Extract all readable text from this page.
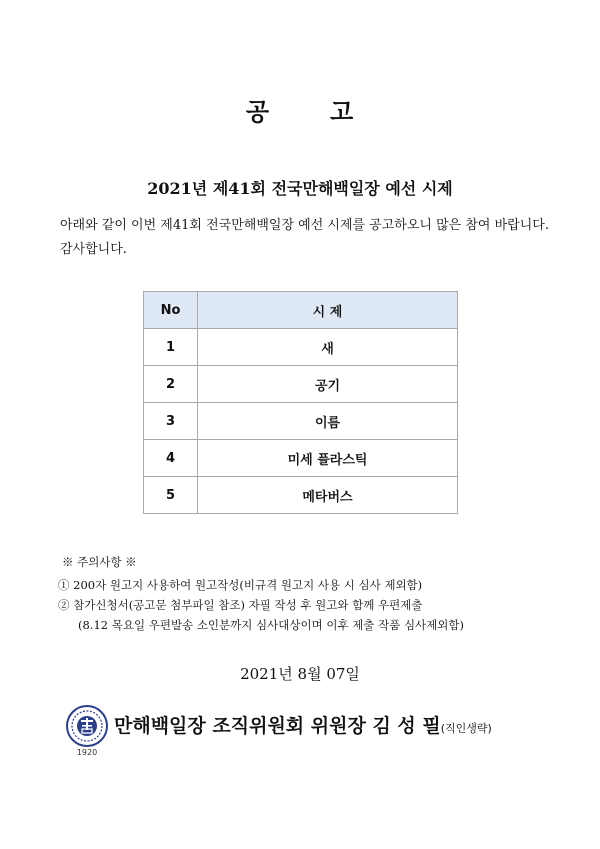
공	고
2021년 제41회 전국만해백일장 예선 시제
아래와 같이 이번 제41회 전국만해백일장 예선 시제를 공고하오니 많은 참여 바랍니다. 감사합니다.
No	시 제
1	새
2	공기
3	이름
4	미세 플라스틱
5	메타버스
※ 주의사항 ※
① 200자 원고지 사용하여 원고작성(비규격 원고지 사용 시 심사 제외함)
② 참가신청서(공고문 첨부파일 참조) 자필 작성 후 원고와 함께 우편제출
(8.12 목요일 우편발송 소인분까지 심사대상이며 이후 제출 작품 심사제외함)
2021년 8월 07일
1920
만해백일장 조직위원회 위원장 김 성 필(직인생략)
